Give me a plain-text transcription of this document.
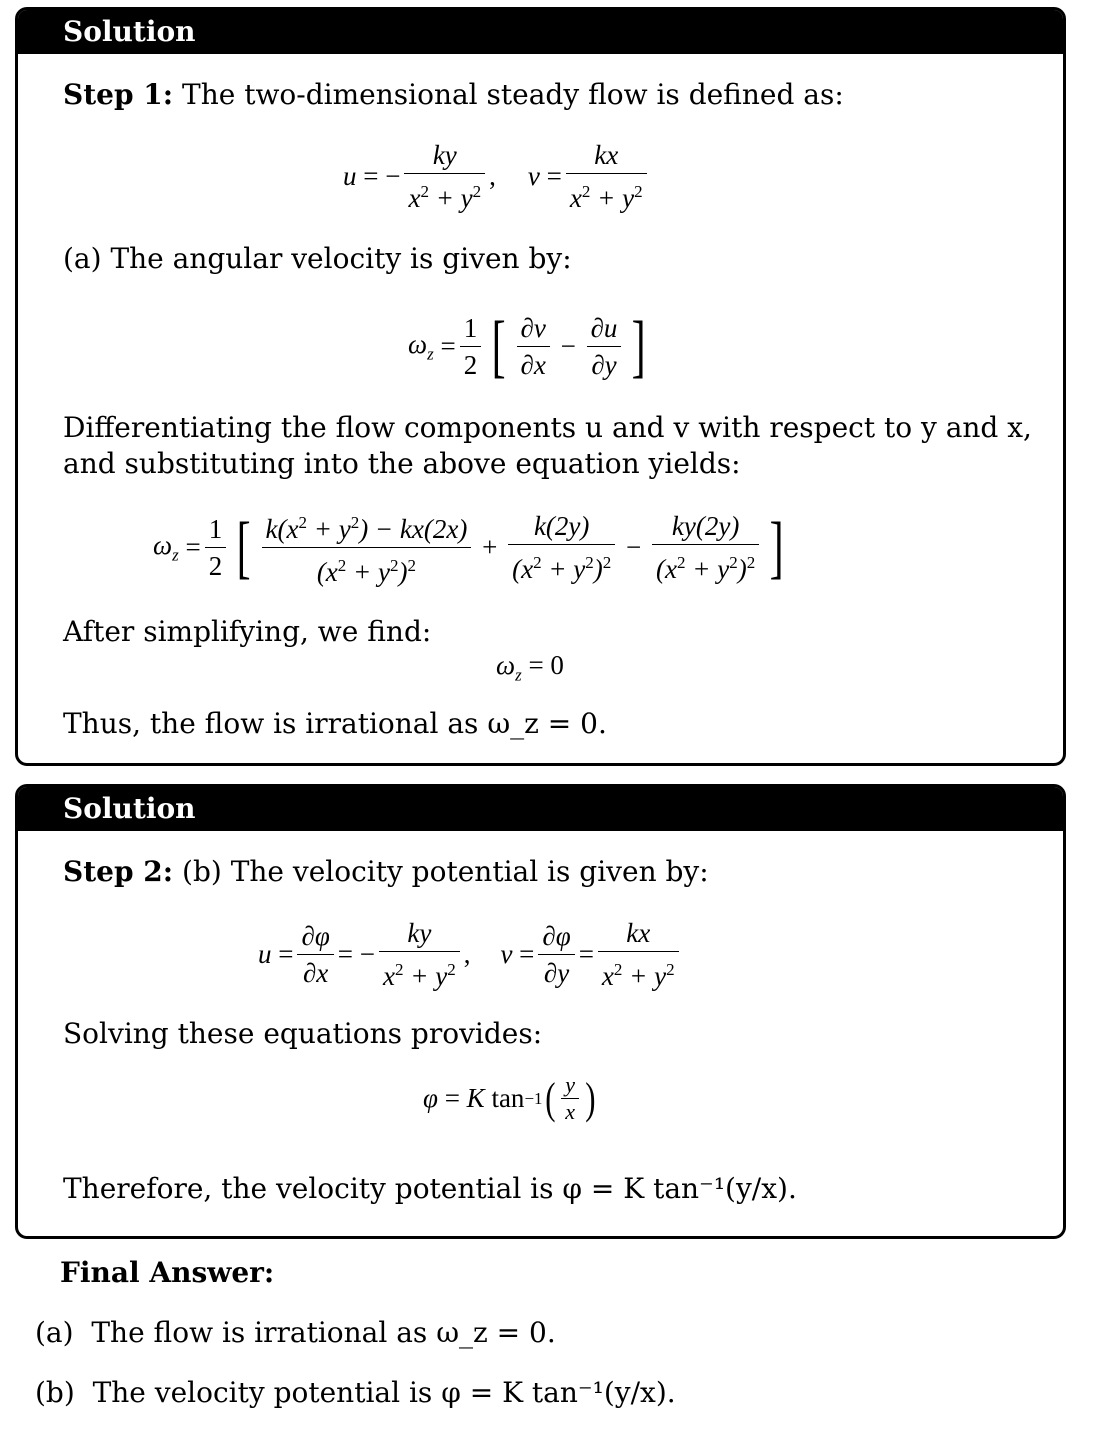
Solution
Step 1: The two-dimensional steady flow is defined as:
u = − $\frac{ky}{x^2 + y^2}$ , $v = \frac{kx}{x^2 + y^2}$
(a) The angular velocity is given by:
$\omega_z = \frac{1}{2}$ [ $\frac{\partial v}{\partial x} - \frac{\partial u}{\partial y}$ ]
Differentiating the flow components u and v with respect to y and x,
and substituting into the above equation yields:
$\omega_z = \frac{1}{2}$ [ $\frac{k(x^2 + y^2) - kx(2x)}{(x^2 + y^2)^2} + \frac{k(2y)}{(x^2 + y^2)^2} - \frac{ky(2y)}{(x^2 + y^2)^2}$ ]
After simplifying, we find:
$\omega_z = 0$
Thus, the flow is irrational as ω_z = 0.
Solution
Step 2: (b) The velocity potential is given by:
$u = \frac{\partial\varphi}{\partial x}$ = − $\frac{ky}{x^2 + y^2}$ , $v = \frac{\partial\varphi}{\partial y} = \frac{kx}{x^2 + y^2}$
Solving these equations provides:
φ = K tan −1 ( $\frac{y}{x}$ )
Therefore, the velocity potential is φ = K tan⁻¹(y/x).
Final Answer:
(a) The flow is irrational as ω_z = 0.
(b) The velocity potential is φ = K tan⁻¹(y/x).
